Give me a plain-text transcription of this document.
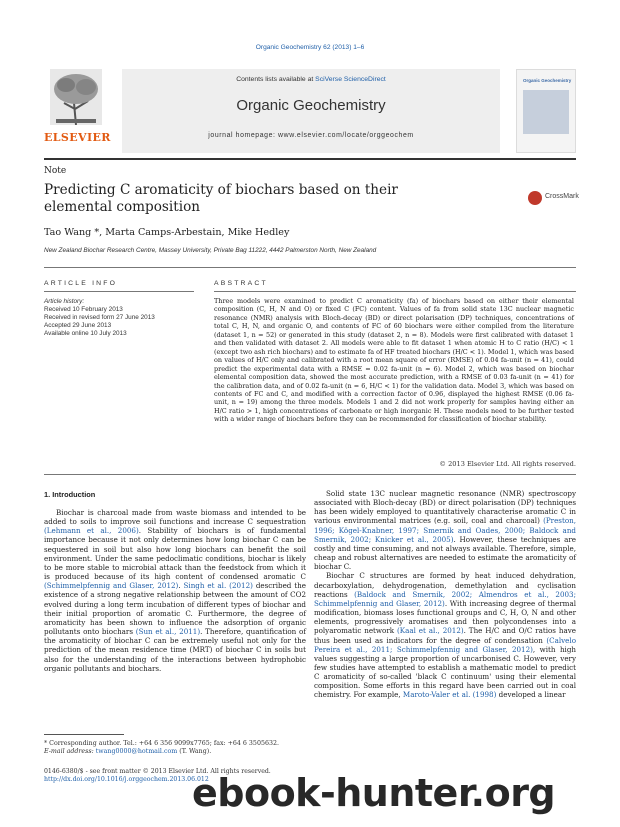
Organic Geochemistry 62 (2013) 1–6
ELSEVIER
Contents lists available at SciVerse ScienceDirect
Organic Geochemistry
journal homepage: www.elsevier.com/locate/orggeochem
Organic Geochemistry
Note
Predicting C aromaticity of biochars based on their elemental composition
CrossMark
Tao Wang *, Marta Camps-Arbestain, Mike Hedley
New Zealand Biochar Research Centre, Massey University, Private Bag 11222, 4442 Palmerston North, New Zealand
ARTICLE INFO	ABSTRACT
Article history:
Received 10 February 2013
Received in revised form 27 June 2013
Accepted 29 June 2013
Available online 10 July 2013
Three models were examined to predict C aromaticity (fa) of biochars based on either their elemental composition (C, H, N and O) or fixed C (FC) content. Values of fa from solid state 13C nuclear magnetic resonance (NMR) analysis with Bloch-decay (BD) or direct polarisation (DP) techniques, concentrations of total C, H, N, and organic O, and contents of FC of 60 biochars were either compiled from the literature (dataset 1, n = 52) or generated in this study (dataset 2, n = 8). Models were first calibrated with dataset 1 and then validated with dataset 2. All models were able to fit dataset 1 when atomic H to C ratio (H/C) < 1 (except two ash rich biochars) and to estimate fa of HF treated biochars (H/C < 1). Model 1, which was based on values of H/C only and calibrated with a root mean square of error (RMSE) of 0.04 fa-unit (n = 41), could predict the experimental data with a RMSE = 0.02 fa-unit (n = 6). Model 2, which was based on biochar elemental composition data, showed the most accurate prediction, with a RMSE of 0.03 fa-unit (n = 41) for the calibration data, and of 0.02 fa-unit (n = 6, H/C < 1) for the validation data. Model 3, which was based on contents of FC and C, and modified with a correction factor of 0.96, displayed the highest RMSE (0.06 fa-unit, n = 19) among the three models. Models 1 and 2 did not work properly for samples having either an H/C ratio > 1, high concentrations of carbonate or high inorganic H. These models need to be further tested with a wider range of biochars before they can be recommended for classification of biochar stability.
© 2013 Elsevier Ltd. All rights reserved.
1. Introduction

Biochar is charcoal made from waste biomass and intended to be added to soils to improve soil functions and increase C sequestration (Lehmann et al., 2006). Stability of biochars is of fundamental importance because it not only determines how long biochar C can be sequestered in soil but also how long biochars can benefit the soil environment. Under the same pedoclimatic conditions, biochar is likely to be more stable to microbial attack than the feedstock from which it is produced because of its high content of condensed aromatic C (Schimmelpfennig and Glaser, 2012). Singh et al. (2012) described the existence of a strong negative relationship between the amount of CO2 evolved during a long term incubation of different types of biochar and their initial proportion of aromatic C. Furthermore, the degree of aromaticity has been shown to influence the adsorption of organic pollutants onto biochars (Sun et al., 2011). Therefore, quantification of the aromaticity of biochar C can be extremely useful not only for the prediction of the mean residence time (MRT) of biochar C in soils but also for the understanding of the interactions between hydrophobic organic pollutants and biochars.

Solid state 13C nuclear magnetic resonance (NMR) spectroscopy associated with Bloch-decay (BD) or direct polarisation (DP) techniques has been widely employed to quantitatively characterise aromatic C in various environmental matrices (e.g. soil, coal and charcoal) (Preston, 1996; Kögel-Knabner, 1997; Smernik and Oades, 2000; Baldock and Smernik, 2002; Knicker et al., 2005). However, these techniques are costly and time consuming, and not always available. Therefore, simple, cheap and robust alternatives are needed to estimate the aromaticity of biochar C.

Biochar C structures are formed by heat induced dehydration, decarboxylation, dehydrogenation, demethylation and cyclisation reactions (Baldock and Smernik, 2002; Almendros et al., 2003; Schimmelpfennig and Glaser, 2012). With increasing degree of thermal modification, biomass loses functional groups and C, H, O, N and other elements, progressively aromatises and then polycondenses into a polyaromatic network (Kaal et al., 2012). The H/C and O/C ratios have thus been used as indicators for the degree of condensation (Calvelo Pereira et al., 2011; Schimmelpfennig and Glaser, 2012), with high values suggesting a large proportion of uncarbonised C. However, very few studies have attempted to establish a mathematic model to predict C aromaticity of so-called 'black C continuum' using their elemental composition. Some efforts in this regard have been carried out in coal chemistry. For example, Maroto-Valer et al. (1998) developed a linear

* Corresponding author. Tel.: +64 6 356 9099x7765; fax: +64 6 3505632.
E-mail address: twang0000@hotmail.com (T. Wang).
0146-6380/$ - see front matter © 2013 Elsevier Ltd. All rights reserved.
http://dx.doi.org/10.1016/j.orggeochem.2013.06.012
ebook-hunter.org
